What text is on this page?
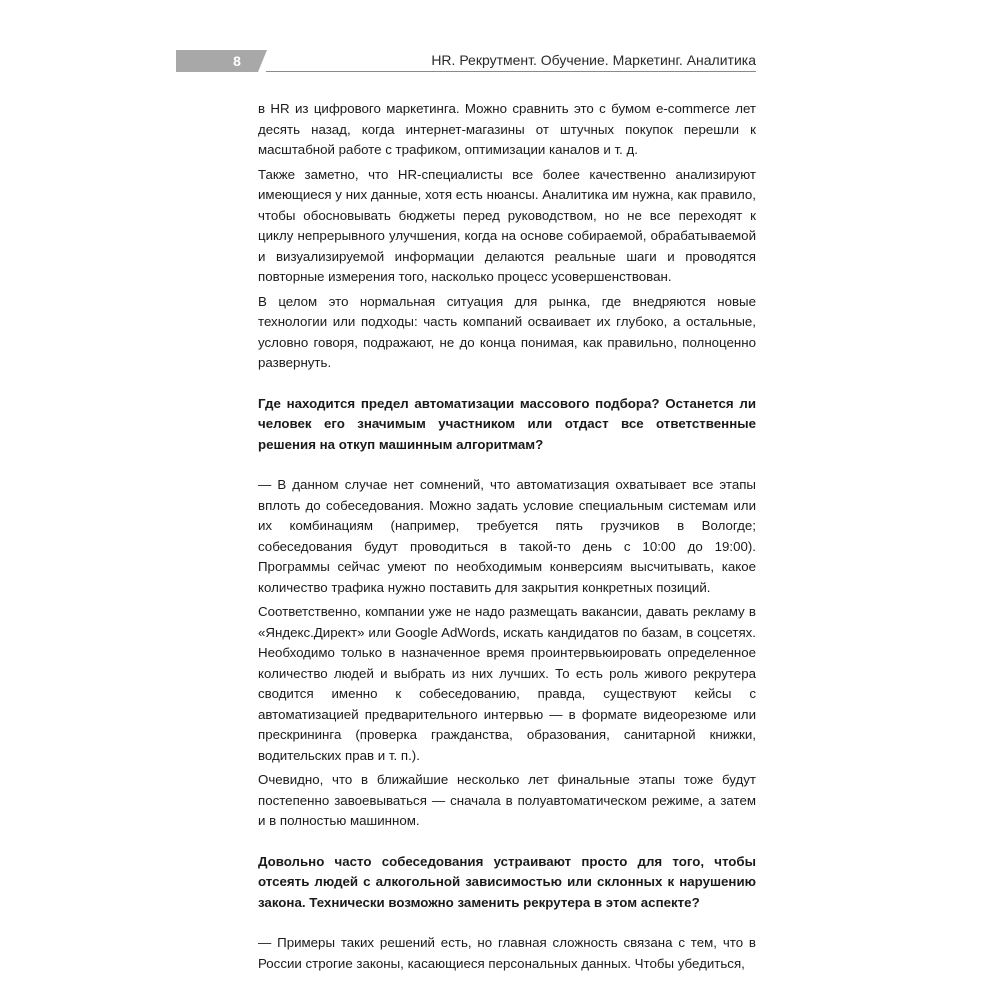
8	HR. Рекрутмент. Обучение. Маркетинг. Аналитика

в HR из цифрового маркетинга. Можно сравнить это с бумом e-commerce лет десять назад, когда интернет-магазины от штучных покупок перешли к масштабной работе с трафиком, оптимизации каналов и т. д.

Также заметно, что HR-специалисты все более качественно анализируют имеющиеся у них данные, хотя есть нюансы. Аналитика им нужна, как правило, чтобы обосновывать бюджеты перед руководством, но не все переходят к циклу непрерывного улучшения, когда на основе собираемой, обрабатываемой и визуализируемой информации делаются реальные шаги и проводятся повторные измерения того, насколько процесс усовершенствован.

В целом это нормальная ситуация для рынка, где внедряются новые технологии или подходы: часть компаний осваивает их глубоко, а остальные, условно говоря, подражают, не до конца понимая, как правильно, полноценно развернуть.

Где находится предел автоматизации массового подбора? Останется ли человек его значимым участником или отдаст все ответственные решения на откуп машинным алгоритмам?

— В данном случае нет сомнений, что автоматизация охватывает все этапы вплоть до собеседования. Можно задать условие специальным системам или их комбинациям (например, требуется пять грузчиков в Вологде; собеседования будут проводиться в такой-то день с 10:00 до 19:00). Программы сейчас умеют по необходимым конверсиям высчитывать, какое количество трафика нужно поставить для закрытия конкретных позиций.

Соответственно, компании уже не надо размещать вакансии, давать рекламу в «Яндекс.Директ» или Google AdWords, искать кандидатов по базам, в соцсетях. Необходимо только в назначенное время проинтервьюировать определенное количество людей и выбрать из них лучших. То есть роль живого рекрутера сводится именно к собеседованию, правда, существуют кейсы с автоматизацией предварительного интервью — в формате видеорезюме или прескрининга (проверка гражданства, образования, санитарной книжки, водительских прав и т. п.).

Очевидно, что в ближайшие несколько лет финальные этапы тоже будут постепенно завоевываться — сначала в полуавтоматическом режиме, а затем и в полностью машинном.

Довольно часто собеседования устраивают просто для того, чтобы отсеять людей с алкогольной зависимостью или склонных к нарушению закона. Технически возможно заменить рекрутера в этом аспекте?

— Примеры таких решений есть, но главная сложность связана с тем, что в России строгие законы, касающиеся персональных данных. Чтобы убедиться,
